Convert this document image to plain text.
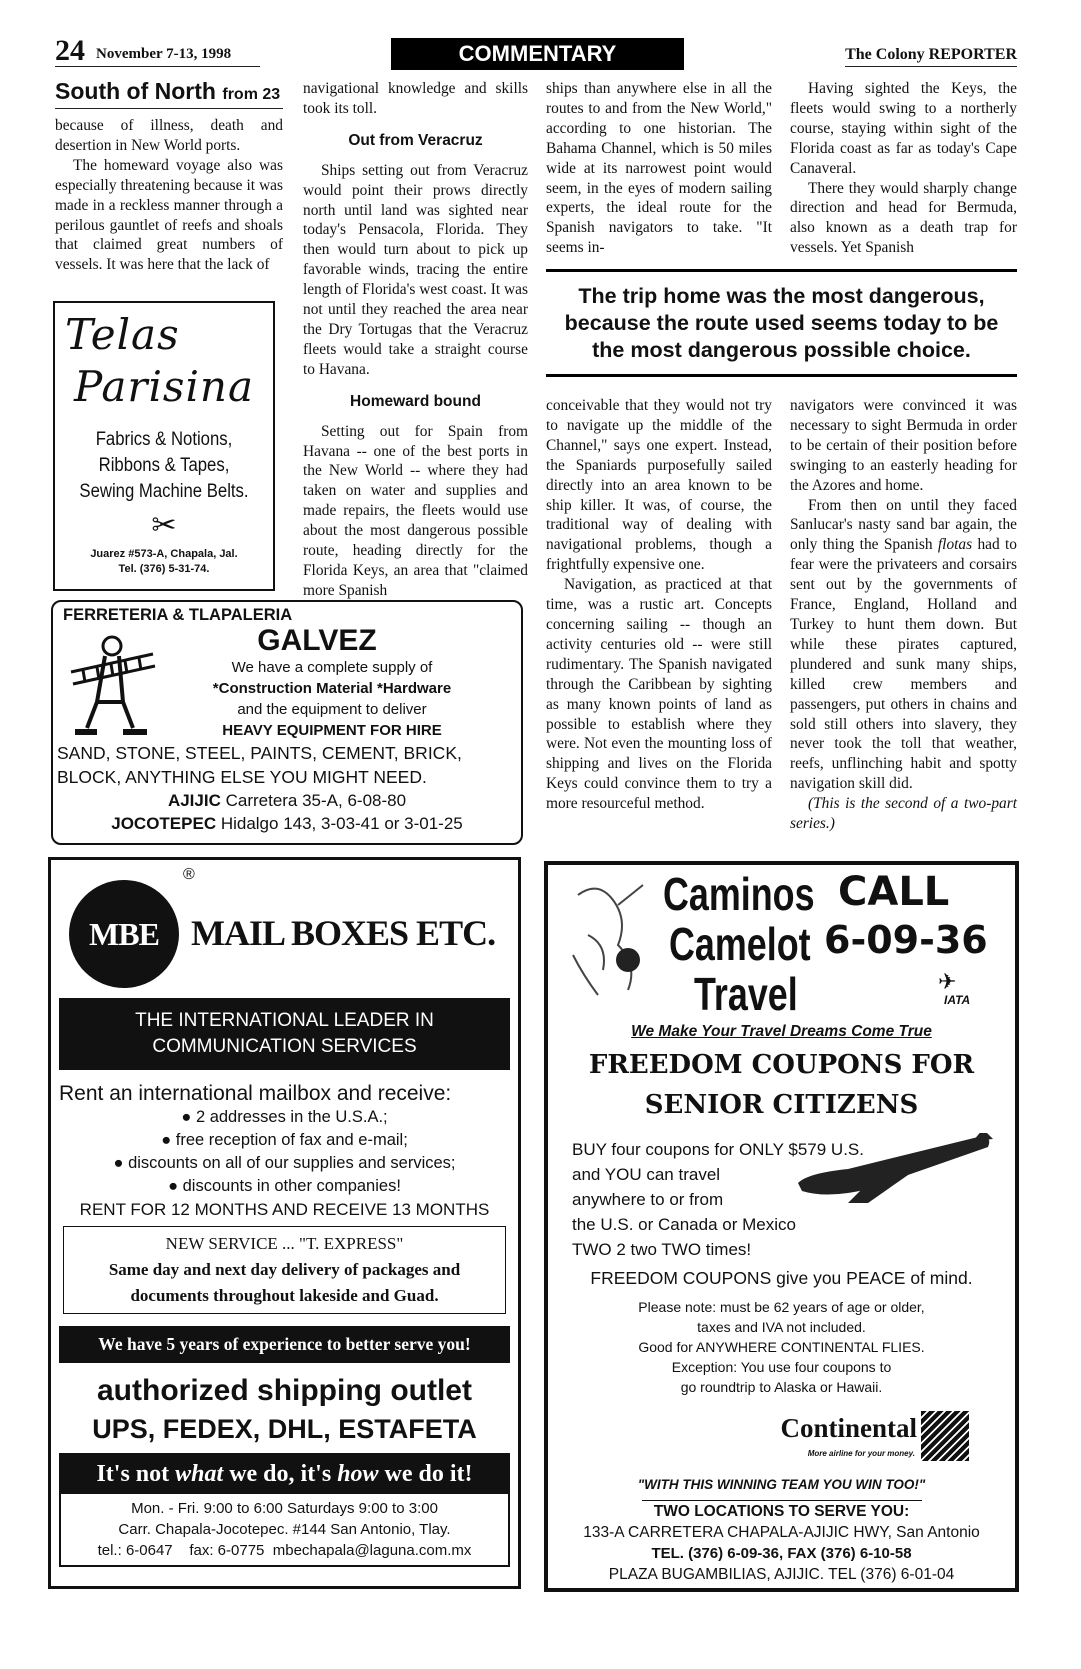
24 November 7-13, 1998	COMMENTARY	The Colony REPORTER
South of North from 23

because of illness, death and desertion in New World ports.

The homeward voyage also was especially threatening because it was made in a reckless manner through a perilous gauntlet of reefs and shoals that claimed great numbers of vessels. It was here that the lack of

navigational knowledge and skills took its toll.

Out from Veracruz

Ships setting out from Veracruz would point their prows directly north until land was sighted near today's Pensacola, Florida. They then would turn about to pick up favorable winds, tracing the entire length of Florida's west coast. It was not until they reached the area near the Dry Tortugas that the Veracruz fleets would take a straight course to Havana.

Homeward bound

Setting out for Spain from Havana -- one of the best ports in the New World -- where they had taken on water and supplies and made repairs, the fleets would use about the most dangerous possible route, heading directly for the Florida Keys, an area that "claimed more Spanish

ships than anywhere else in all the routes to and from the New World," according to one historian. The Bahama Channel, which is 50 miles wide at its narrowest point would seem, in the eyes of modern sailing experts, the ideal route for the Spanish navigators to take. "It seems in-

Having sighted the Keys, the fleets would swing to a northerly course, staying within sight of the Florida coast as far as today's Cape Canaveral.

There they would sharply change direction and head for Bermuda, also known as a death trap for vessels. Yet Spanish

The trip home was the most dangerous, because the route used seems today to be the most dangerous possible choice.

conceivable that they would not try to navigate up the middle of the Channel," says one expert. Instead, the Spaniards purposefully sailed directly into an area known to be ship killer. It was, of course, the traditional way of dealing with navigational problems, though a frightfully expensive one.

Navigation, as practiced at that time, was a rustic art. Concepts concerning sailing -- though an activity centuries old -- were still rudimentary. The Spanish navigated through the Caribbean by sighting as many known points of land as possible to establish where they were. Not even the mounting loss of shipping and lives on the Florida Keys could convince them to try a more resourceful method.

navigators were convinced it was necessary to sight Bermuda in order to be certain of their position before swinging to an easterly heading for the Azores and home.

From then on until they faced Sanlucar's nasty sand bar again, the only thing the Spanish flotas had to fear were the privateers and corsairs sent out by the governments of France, England, Holland and Turkey to hunt them down. But while these pirates captured, plundered and sunk many ships, killed crew members and passengers, put others in chains and sold still others into slavery, they never took the toll that weather, reefs, unflinching habit and spotty navigation skill did.

(This is the second of a two-part series.)

Telas
Parisina
Fabrics & Notions,
Ribbons & Tapes,
Sewing Machine Belts.
✂
Juarez #573-A, Chapala, Jal.
Tel. (376) 5-31-74.
FERRETERIA & TLAPALERIA
GALVEZ
We have a complete supply of
*Construction Material *Hardware
and the equipment to deliver
HEAVY EQUIPMENT FOR HIRE
SAND, STONE, STEEL, PAINTS, CEMENT, BRICK,
BLOCK, ANYTHING ELSE YOU MIGHT NEED.
AJIJIC Carretera 35-A, 6-08-80
JOCOTEPEC Hidalgo 143, 3-03-41 or 3-01-25
MBE
®
MAIL BOXES ETC.
THE INTERNATIONAL LEADER IN
COMMUNICATION SERVICES
Rent an international mailbox and receive:
● 2 addresses in the U.S.A.;
● free reception of fax and e-mail;
● discounts on all of our supplies and services;
● discounts in other companies!
RENT FOR 12 MONTHS AND RECEIVE 13 MONTHS
NEW SERVICE ... "T. EXPRESS"
Same day and next day delivery of packages and documents throughout lakeside and Guad.
We have 5 years of experience to better serve you!
authorized shipping outlet
UPS, FEDEX, DHL, ESTAFETA
It's not what we do, it's how we do it!
Mon. - Fri. 9:00 to 6:00 Saturdays 9:00 to 3:00
Carr. Chapala-Jocotepec. #144 San Antonio, Tlay.
tel.: 6-0647 fax: 6-0775 mbechapala@laguna.com.mx
Caminos
Camelot
Travel
CALL
6-09-36
✈
IATA
We Make Your Travel Dreams Come True
FREEDOM COUPONS FOR
SENIOR CITIZENS
BUY four coupons for ONLY $579 U.S.
and YOU can travel
anywhere to or from
the U.S. or Canada or Mexico
TWO 2 two TWO times!
FREEDOM COUPONS give you PEACE of mind.
Please note: must be 62 years of age or older,
taxes and IVA not included.
Good for ANYWHERE CONTINENTAL FLIES.
Exception: You use four coupons to
go roundtrip to Alaska or Hawaii.
Continental
More airline for your money.
"WITH THIS WINNING TEAM YOU WIN TOO!"
TWO LOCATIONS TO SERVE YOU:
133-A CARRETERA CHAPALA-AJIJIC HWY, San Antonio
TEL. (376) 6-09-36, FAX (376) 6-10-58
PLAZA BUGAMBILIAS, AJIJIC. TEL (376) 6-01-04
